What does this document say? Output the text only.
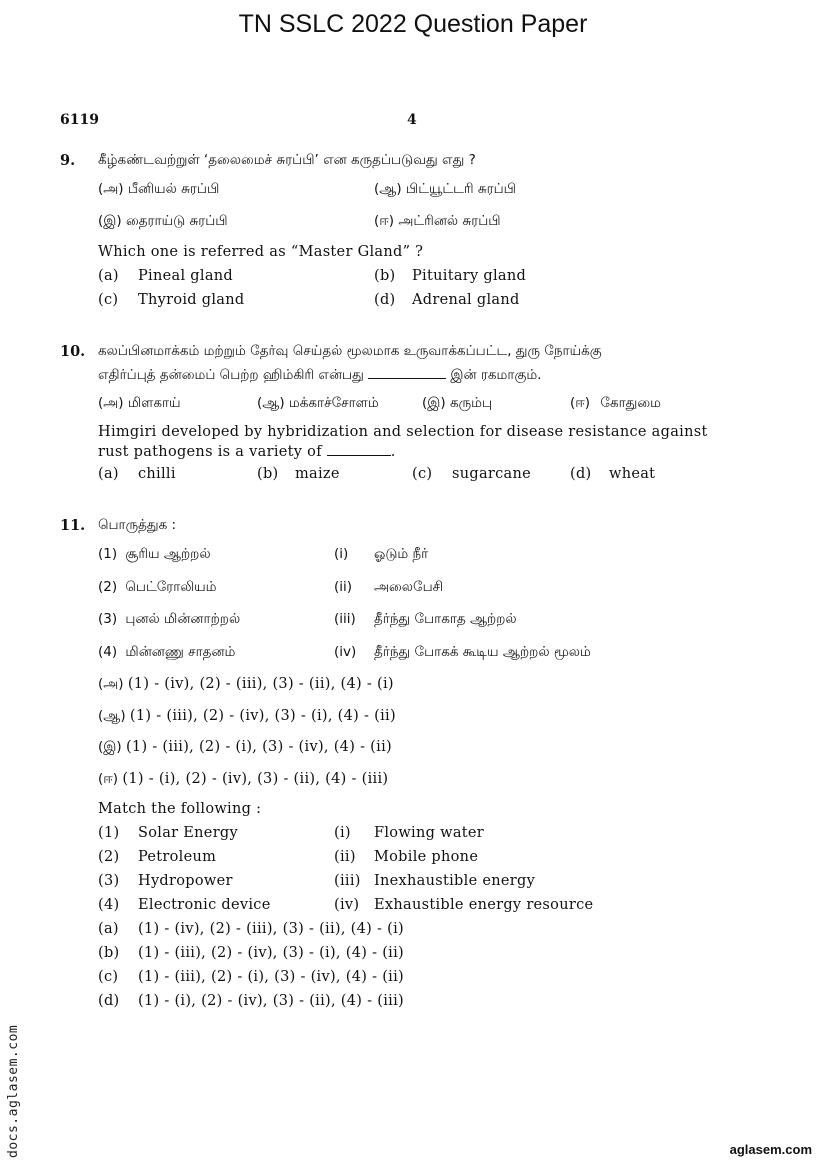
TN SSLC 2022 Question Paper
6119	4
9. கீழ்கண்டவற்றுள் ‘தலைமைச் சுரப்பி’ என கருதப்படுவது எது ?
(அ) பீனியல் சுரப்பி	(ஆ) பிட்யூட்டரி சுரப்பி
(இ) தைராய்டு சுரப்பி	(ஈ) அட்ரினல் சுரப்பி
Which one is referred as “Master Gland” ?
(a) Pineal gland	(b) Pituitary gland
(c) Thyroid gland	(d) Adrenal gland
10. கலப்பினமாக்கம் மற்றும் தேர்வு செய்தல் மூலமாக உருவாக்கப்பட்ட, துரு நோய்க்கு
எதிர்ப்புத் தன்மைப் பெற்ற ஹிம்கிரி என்பது	இன் ரகமாகும்.
(அ) மிளகாய்	(ஆ) மக்காச்சோளம்	(இ) கரும்பு	(ஈ) கோதுமை
Himgiri developed by hybridization and selection for disease resistance against
rust pathogens is a variety of	.
(a) chilli	(b) maize	(c) sugarcane	(d) wheat
11. பொருத்துக :
(1) சூரிய ஆற்றல்	(i) ஓடும் நீர்
(2) பெட்ரோலியம்	(ii) அலைபேசி
(3) புனல் மின்னாற்றல்	(iii) தீர்ந்து போகாத ஆற்றல்
(4) மின்னணு சாதனம்	(iv) தீர்ந்து போகக் கூடிய ஆற்றல் மூலம்
(அ) (1) - (iv), (2) - (iii), (3) - (ii), (4) - (i)
(ஆ) (1) - (iii), (2) - (iv), (3) - (i), (4) - (ii)
(இ) (1) - (iii), (2) - (i), (3) - (iv), (4) - (ii)
(ஈ) (1) - (i), (2) - (iv), (3) - (ii), (4) - (iii)
Match the following :
(1) Solar Energy	(i) Flowing water
(2) Petroleum	(ii) Mobile phone
(3) Hydropower	(iii) Inexhaustible energy
(4) Electronic device	(iv) Exhaustible energy resource
(a) (1) - (iv), (2) - (iii), (3) - (ii), (4) - (i)
(b) (1) - (iii), (2) - (iv), (3) - (i), (4) - (ii)
(c) (1) - (iii), (2) - (i), (3) - (iv), (4) - (ii)
(d) (1) - (i), (2) - (iv), (3) - (ii), (4) - (iii)
docs.aglasem.com	aglasem.com
